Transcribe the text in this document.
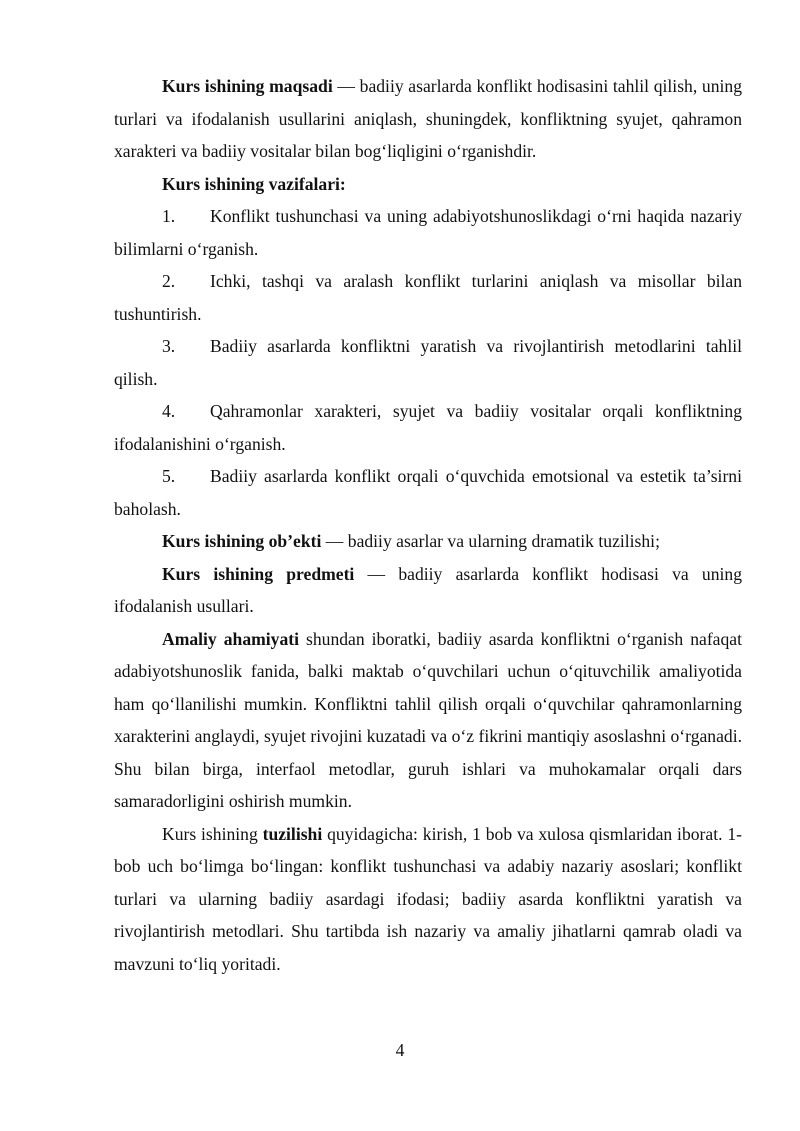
Kurs ishining maqsadi — badiiy asarlarda konflikt hodisasini tahlil qilish, uning turlari va ifodalanish usullarini aniqlash, shuningdek, konfliktning syujet, qahramon xarakteri va badiiy vositalar bilan bog‘liqligini o‘rganishdir.

Kurs ishining vazifalari:

1. Konflikt tushunchasi va uning adabiyotshunoslikdagi o‘rni haqida nazariy bilimlarni o‘rganish.

2. Ichki, tashqi va aralash konflikt turlarini aniqlash va misollar bilan tushuntirish.

3. Badiiy asarlarda konfliktni yaratish va rivojlantirish metodlarini tahlil qilish.

4. Qahramonlar xarakteri, syujet va badiiy vositalar orqali konfliktning ifodalanishini o‘rganish.

5. Badiiy asarlarda konflikt orqali o‘quvchida emotsional va estetik ta’sirni baholash.

Kurs ishining ob’ekti — badiiy asarlar va ularning dramatik tuzilishi;

Kurs ishining predmeti — badiiy asarlarda konflikt hodisasi va uning ifodalanish usullari.

Amaliy ahamiyati shundan iboratki, badiiy asarda konfliktni o‘rganish nafaqat adabiyotshunoslik fanida, balki maktab o‘quvchilari uchun o‘qituvchilik amaliyotida ham qo‘llanilishi mumkin. Konfliktni tahlil qilish orqali o‘quvchilar qahramonlarning xarakterini anglaydi, syujet rivojini kuzatadi va o‘z fikrini mantiqiy asoslashni o‘rganadi. Shu bilan birga, interfaol metodlar, guruh ishlari va muhokamalar orqali dars samaradorligini oshirish mumkin.

Kurs ishining tuzilishi quyidagicha: kirish, 1 bob va xulosa qismlaridan iborat. 1-bob uch bo‘limga bo‘lingan: konflikt tushunchasi va adabiy nazariy asoslari; konflikt turlari va ularning badiiy asardagi ifodasi; badiiy asarda konfliktni yaratish va rivojlantirish metodlari. Shu tartibda ish nazariy va amaliy jihatlarni qamrab oladi va mavzuni to‘liq yoritadi.

4
